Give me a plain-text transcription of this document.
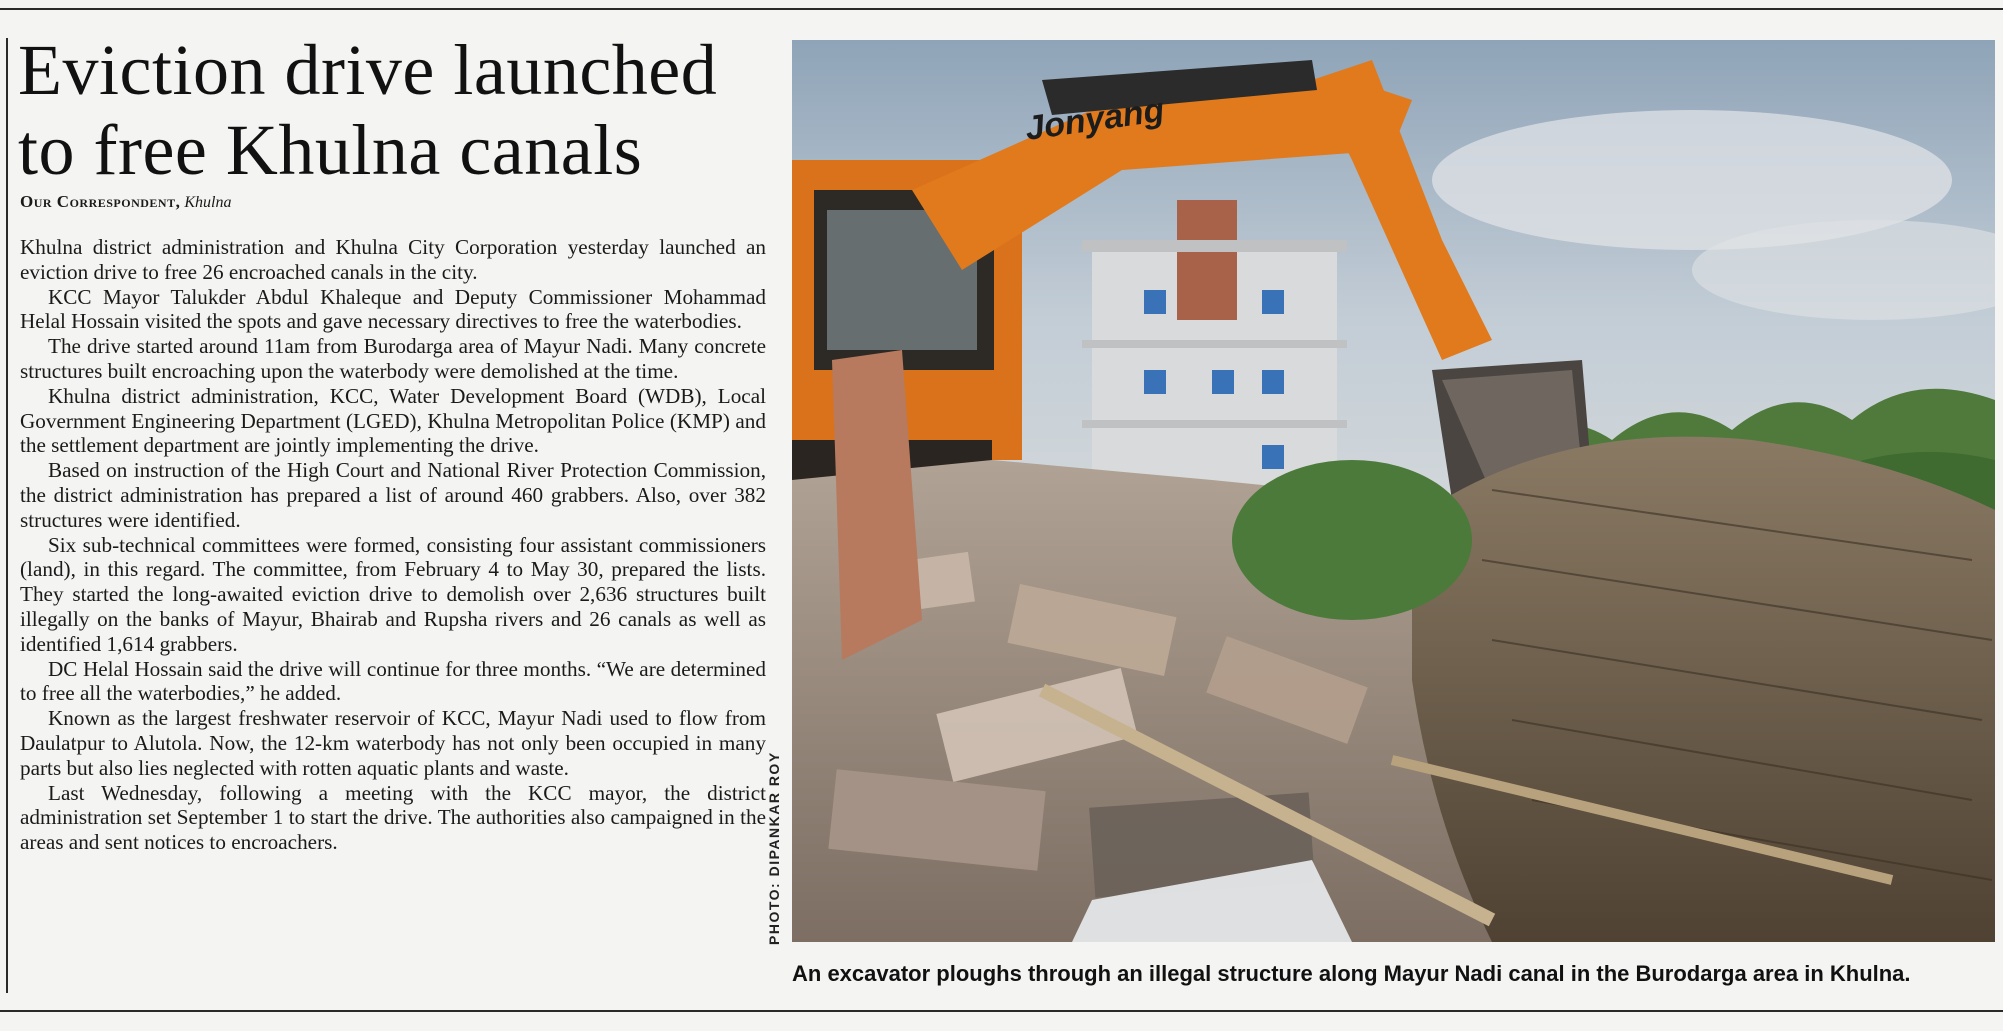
Eviction drive launched
to free Khulna canals
Our Correspondent, Khulna

Khulna district administration and Khulna City Corporation yesterday launched an eviction drive to free 26 encroached canals in the city.

KCC Mayor Talukder Abdul Khaleque and Deputy Commissioner Mohammad Helal Hossain visited the spots and gave necessary directives to free the waterbodies.

The drive started around 11am from Burodarga area of Mayur Nadi. Many concrete structures built encroaching upon the waterbody were demolished at the time.

Khulna district administration, KCC, Water Development Board (WDB), Local Government Engineering Department (LGED), Khulna Metropolitan Police (KMP) and the settlement department are jointly implementing the drive.

Based on instruction of the High Court and National River Protection Commission, the district administration has prepared a list of around 460 grabbers. Also, over 382 structures were identified.

Six sub-technical committees were formed, consisting four assistant commissioners (land), in this regard. The committee, from February 4 to May 30, prepared the lists. They started the long-awaited eviction drive to demolish over 2,636 structures built illegally on the banks of Mayur, Bhairab and Rupsha rivers and 26 canals as well as identified 1,614 grabbers.

DC Helal Hossain said the drive will continue for three months. “We are determined to free all the waterbodies,” he added.

Known as the largest freshwater reservoir of KCC, Mayur Nadi used to flow from Daulatpur to Alutola. Now, the 12-km waterbody has not only been occupied in many parts but also lies neglected with rotten aquatic plants and waste.

Last Wednesday, following a meeting with the KCC mayor, the district administration set September 1 to start the drive. The authorities also campaigned in the areas and sent notices to encroachers.	PHOTO: DIPANKAR ROY
Jonyang
An excavator ploughs through an illegal structure along Mayur Nadi canal in the Burodarga area in Khulna.
